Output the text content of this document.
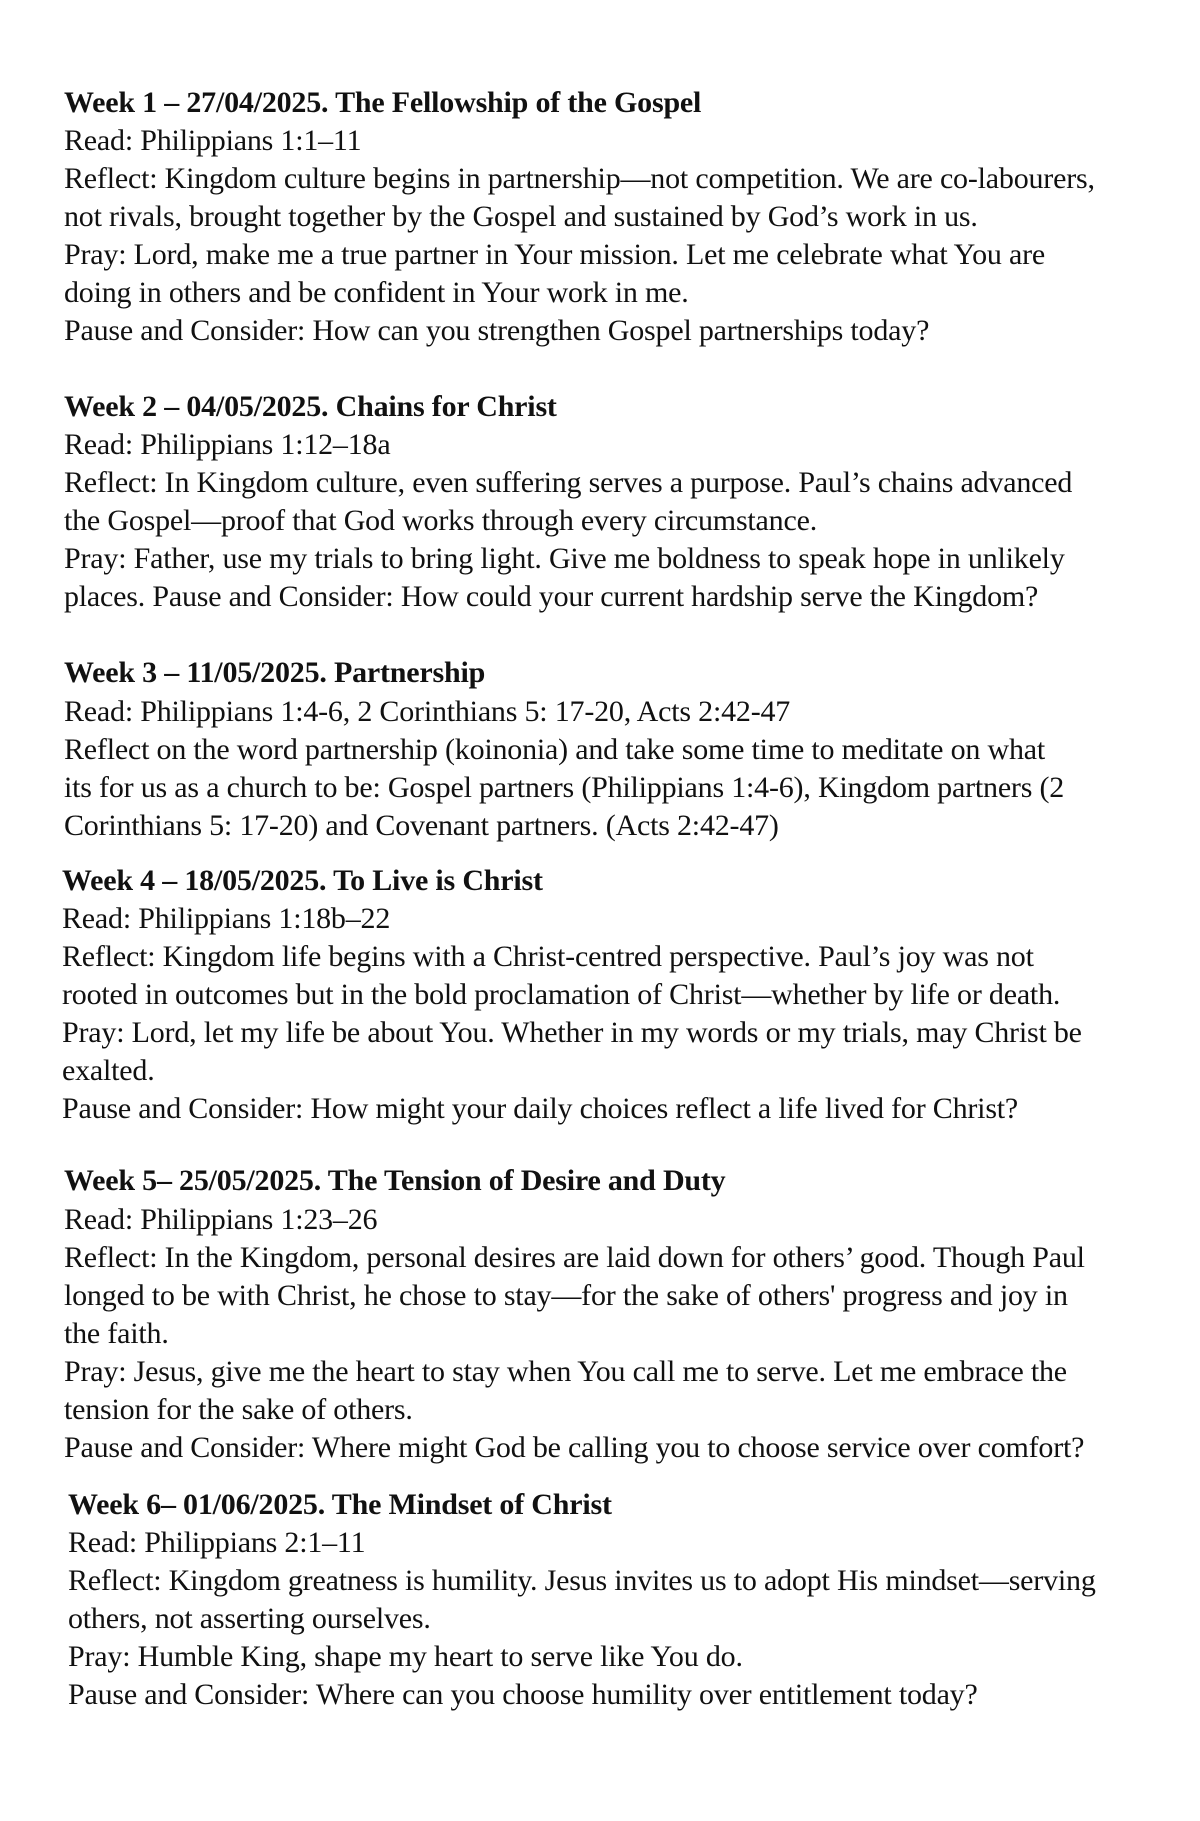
Week 1 – 27/04/2025. The Fellowship of the Gospel

Read: Philippians 1:1–11

Reflect: Kingdom culture begins in partnership—not competition. We are co-labourers,

not rivals, brought together by the Gospel and sustained by God’s work in us.

Pray: Lord, make me a true partner in Your mission. Let me celebrate what You are

doing in others and be confident in Your work in me.

Pause and Consider: How can you strengthen Gospel partnerships today?

Week 2 – 04/05/2025. Chains for Christ

Read: Philippians 1:12–18a

Reflect: In Kingdom culture, even suffering serves a purpose. Paul’s chains advanced

the Gospel—proof that God works through every circumstance.

Pray: Father, use my trials to bring light. Give me boldness to speak hope in unlikely

places. Pause and Consider: How could your current hardship serve the Kingdom?

Week 3 – 11/05/2025. Partnership

Read: Philippians 1:4-6, 2 Corinthians 5: 17-20, Acts 2:42-47

Reflect on the word partnership (koinonia) and take some time to meditate on what

its for us as a church to be: Gospel partners (Philippians 1:4-6), Kingdom partners (2

Corinthians 5: 17-20) and Covenant partners. (Acts 2:42-47)

Week 4 – 18/05/2025. To Live is Christ

Read: Philippians 1:18b–22

Reflect: Kingdom life begins with a Christ-centred perspective. Paul’s joy was not

rooted in outcomes but in the bold proclamation of Christ—whether by life or death.

Pray: Lord, let my life be about You. Whether in my words or my trials, may Christ be

exalted.

Pause and Consider: How might your daily choices reflect a life lived for Christ?

Week 5– 25/05/2025. The Tension of Desire and Duty

Read: Philippians 1:23–26

Reflect: In the Kingdom, personal desires are laid down for others’ good. Though Paul

longed to be with Christ, he chose to stay—for the sake of others' progress and joy in

the faith.

Pray: Jesus, give me the heart to stay when You call me to serve. Let me embrace the

tension for the sake of others.

Pause and Consider: Where might God be calling you to choose service over comfort?

Week 6– 01/06/2025. The Mindset of Christ

Read: Philippians 2:1–11

Reflect: Kingdom greatness is humility. Jesus invites us to adopt His mindset—serving

others, not asserting ourselves.

Pray: Humble King, shape my heart to serve like You do.

Pause and Consider: Where can you choose humility over entitlement today?
